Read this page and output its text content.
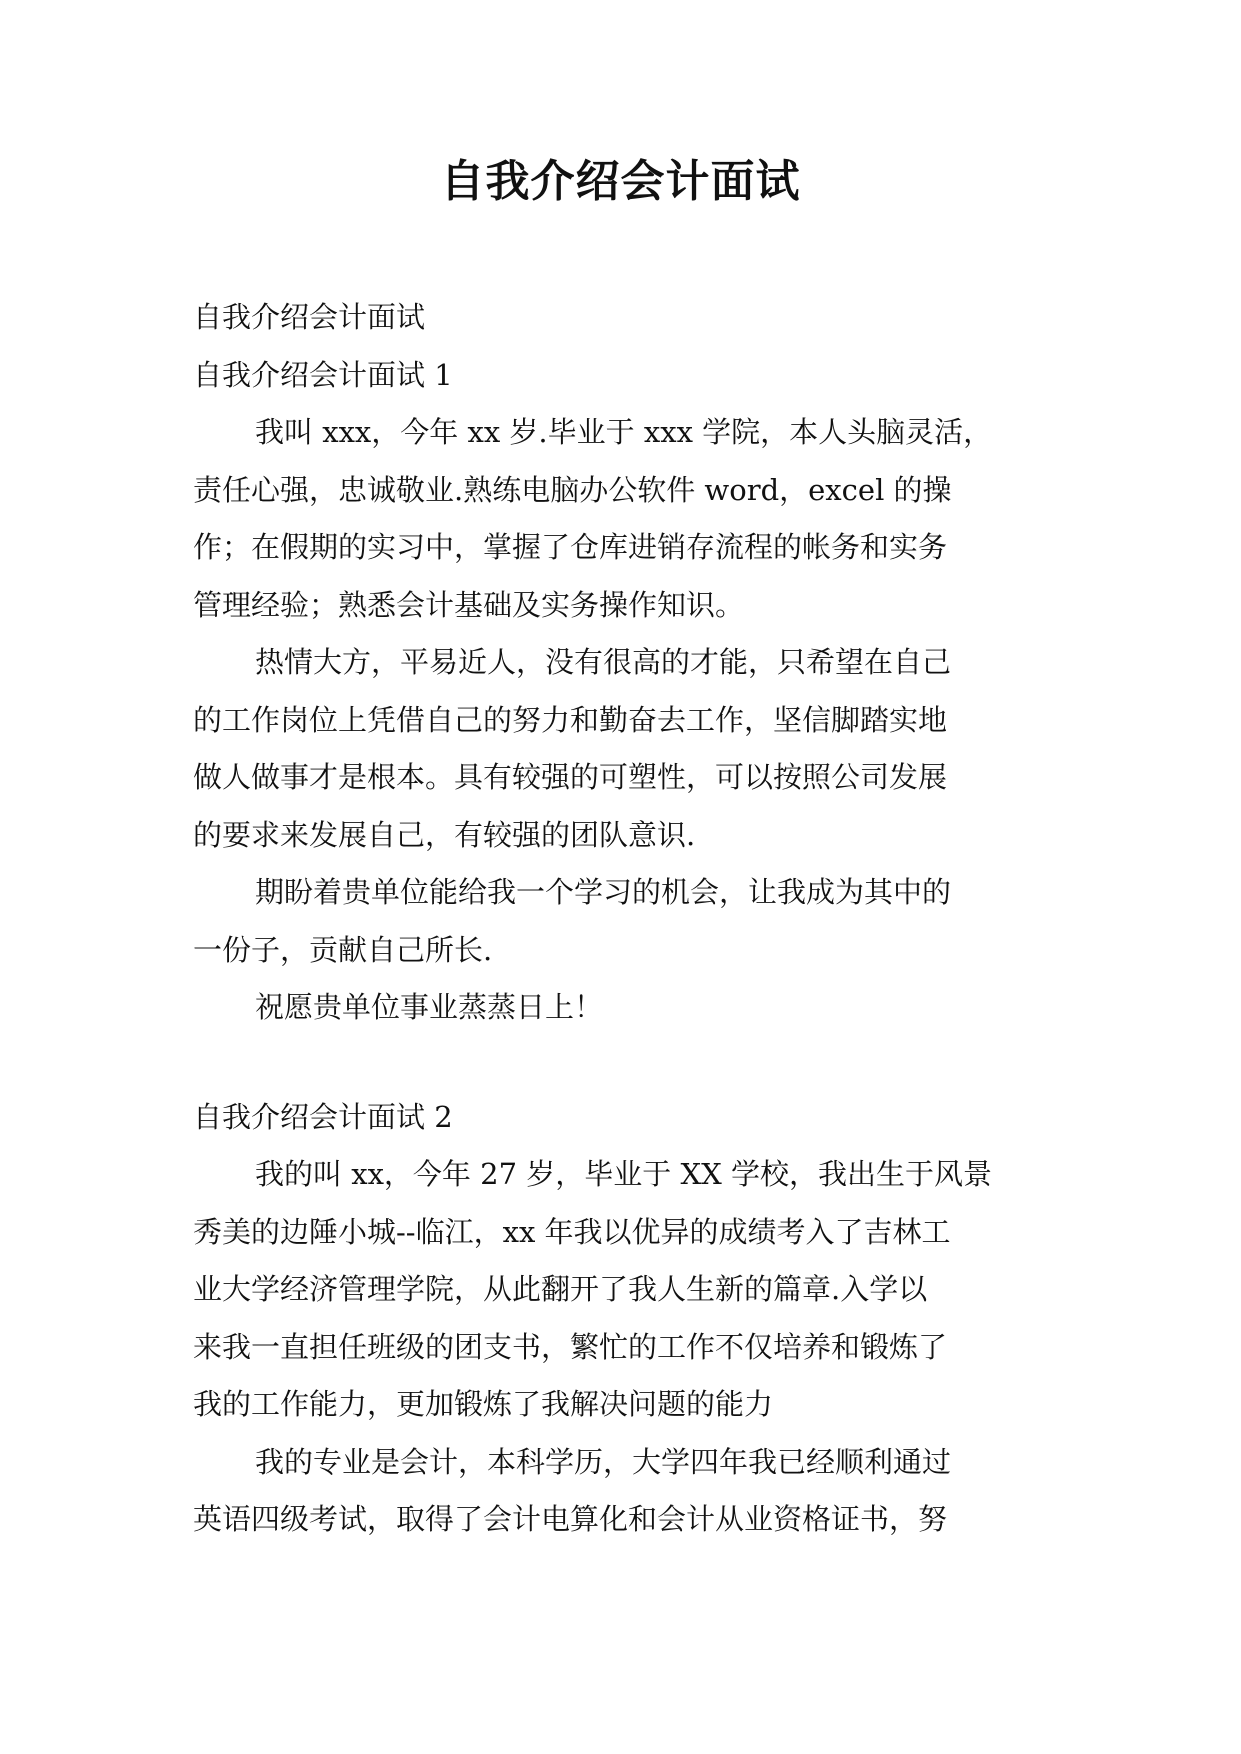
自我介绍会计面试

自我介绍会计面试

自我介绍会计面试 1

我叫 xxx，今年 xx 岁.毕业于 xxx 学院，本人头脑灵活，

责任心强，忠诚敬业.熟练电脑办公软件 word，excel 的操

作；在假期的实习中，掌握了仓库进销存流程的帐务和实务

管理经验；熟悉会计基础及实务操作知识。

热情大方，平易近人，没有很高的才能，只希望在自己

的工作岗位上凭借自己的努力和勤奋去工作，坚信脚踏实地

做人做事才是根本。具有较强的可塑性，可以按照公司发展

的要求来发展自己，有较强的团队意识.

期盼着贵单位能给我一个学习的机会，让我成为其中的

一份子，贡献自己所长.

祝愿贵单位事业蒸蒸日上！

自我介绍会计面试 2

我的叫 xx，今年 27 岁，毕业于 XX 学校，我出生于风景

秀美的边陲小城--临江，xx 年我以优异的成绩考入了吉林工

业大学经济管理学院，从此翻开了我人生新的篇章.入学以

来我一直担任班级的团支书，繁忙的工作不仅培养和锻炼了

我的工作能力，更加锻炼了我解决问题的能力

我的专业是会计，本科学历，大学四年我已经顺利通过

英语四级考试，取得了会计电算化和会计从业资格证书，努
